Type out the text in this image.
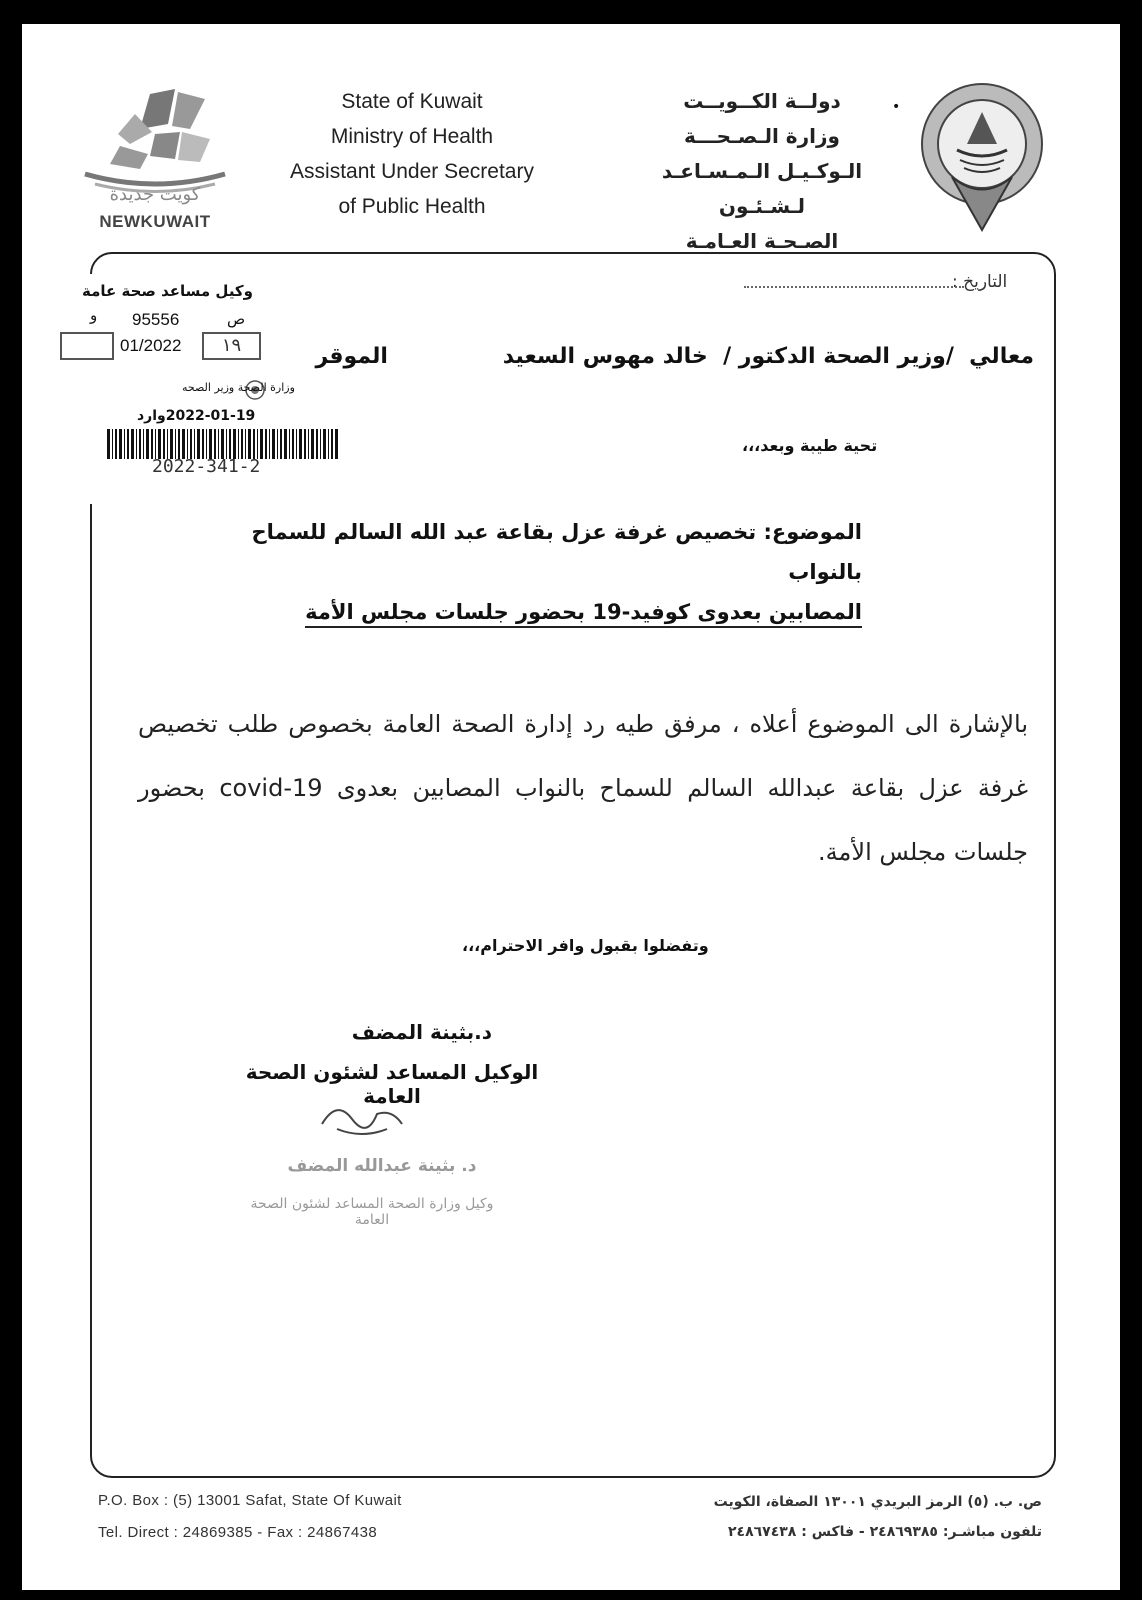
كويت جديدة
NEWKUWAIT
State of Kuwait
Ministry of Health
Assistant Under Secretary
of Public Health
دولــة الكــويــت
وزارة الـصـحـــة
الـوكـيـل الـمـسـاعـد لـشـئـون
الصـحـة العـامـة
•
التاريخ :
وكيل مساعد صحة عامة
و 95556	ص
01/2022	١٩
وزارة الصحة وزير الصحه
2022-01-19وارد
2022-341-2
معالي  /وزير الصحة الدكتور /  خالد مهوس السعيد               الموقر
تحية طيبة وبعد،،،
الموضوع: تخصيص غرفة عزل بقاعة عبد الله السالم للسماح بالنواب
المصابين بعدوى كوفيد-19 بحضور جلسات مجلس الأمة
بالإشارة الى الموضوع أعلاه ، مرفق طيه رد إدارة الصحة العامة بخصوص طلب تخصيص غرفة عزل بقاعة عبدالله السالم للسماح بالنواب المصابين بعدوى covid-19 بحضور جلسات مجلس الأمة.
وتفضلوا بقبول وافر الاحترام،،،
د.بثينة المضف
الوكيل المساعد لشئون الصحة العامة
د. بثينة عبدالله المضف
وكيل وزارة الصحة المساعد لشئون الصحة العامة
P.O. Box : (5) 13001 Safat, State Of Kuwait
Tel. Direct : 24869385 - Fax : 24867438
ص. ب. (٥) الرمز البريدي ١٣٠٠١ الصفاة، الكويت
تلفون مباشـر: ٢٤٨٦٩٣٨٥ - فاكس : ٢٤٨٦٧٤٣٨
